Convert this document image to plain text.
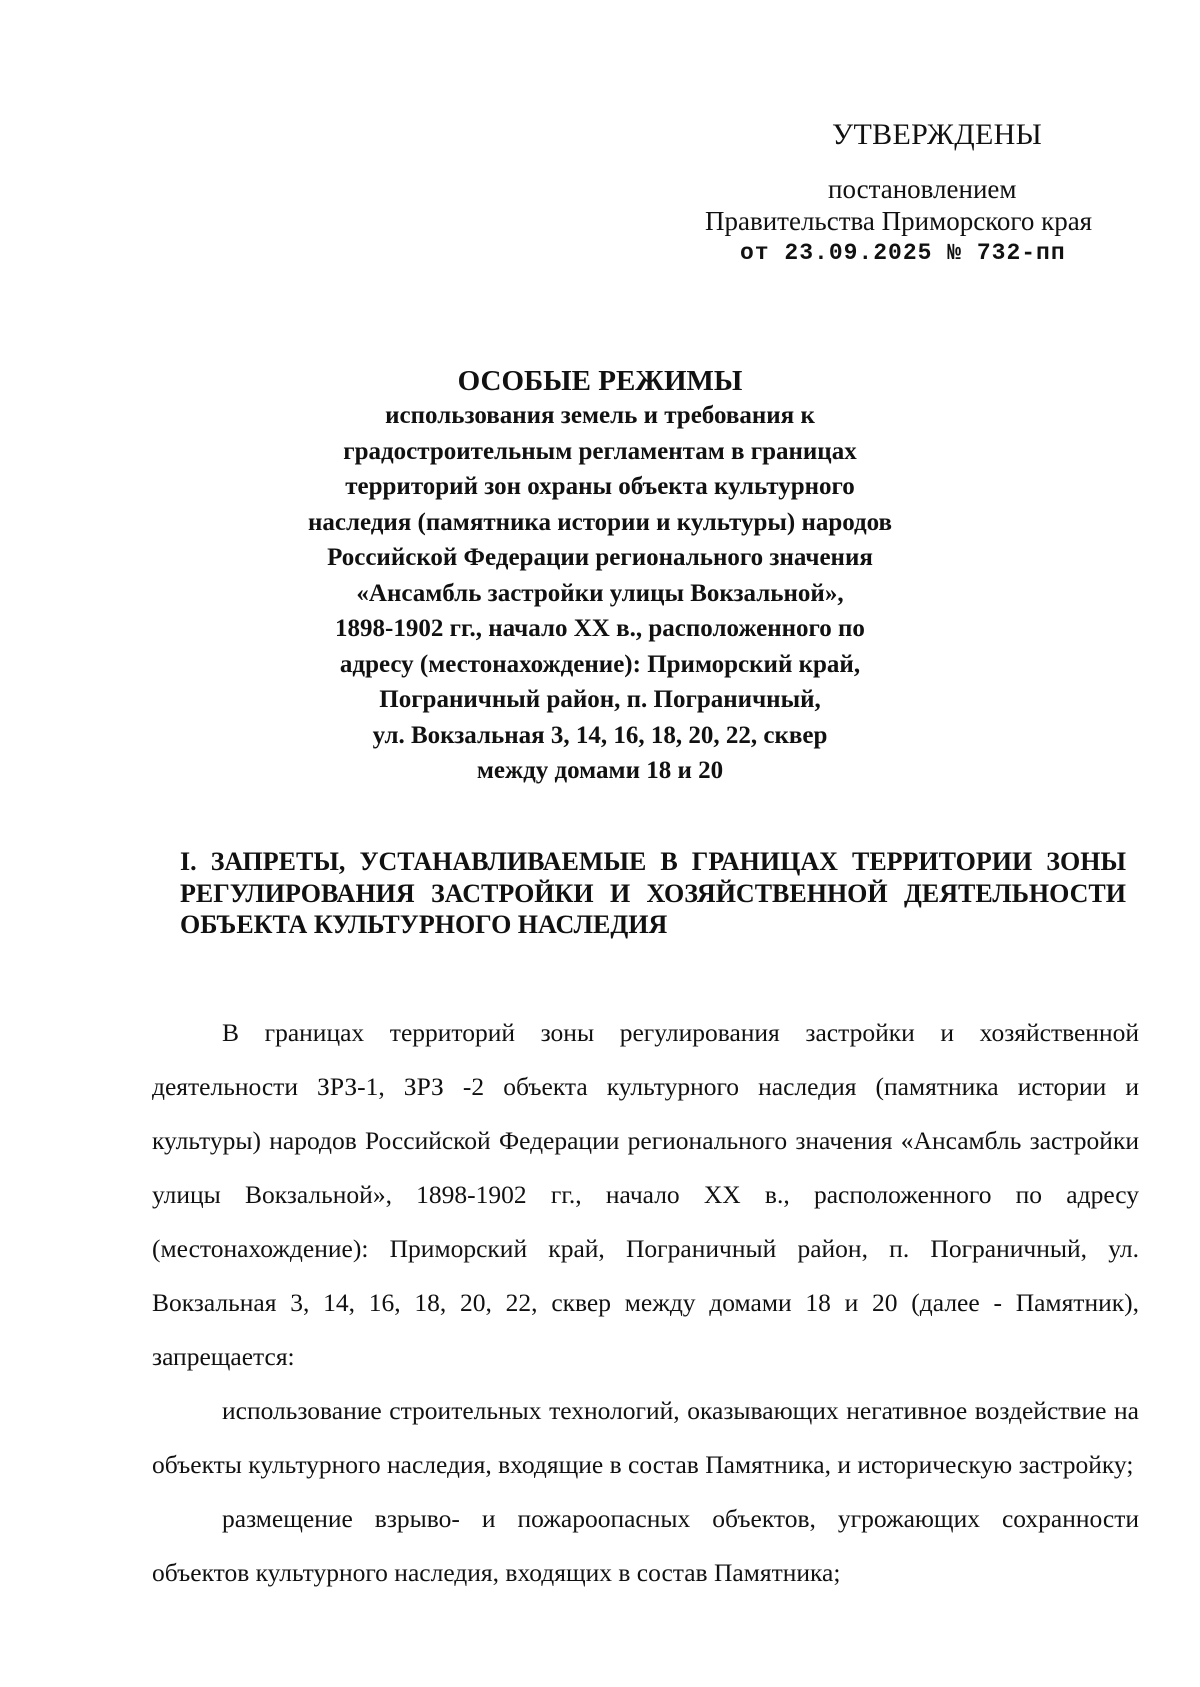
УТВЕРЖДЕНЫ
постановлением
Правительства Приморского края
от 23.09.2025 № 732-пп
ОСОБЫЕ РЕЖИМЫ
использования земель и требования к
градостроительным регламентам в границах
территорий зон охраны объекта культурного
наследия (памятника истории и культуры) народов
Российской Федерации регионального значения
«Ансамбль застройки улицы Вокзальной»,
1898-1902 гг., начало XX в., расположенного по
адресу (местонахождение): Приморский край,
Пограничный район, п. Пограничный,
ул. Вокзальная 3, 14, 16, 18, 20, 22, сквер
между домами 18 и 20
I. ЗАПРЕТЫ, УСТАНАВЛИВАЕМЫЕ В ГРАНИЦАХ ТЕРРИТОРИИ ЗОНЫ РЕГУЛИРОВАНИЯ ЗАСТРОЙКИ И ХОЗЯЙСТВЕННОЙ ДЕЯТЕЛЬНОСТИ ОБЪЕКТА КУЛЬТУРНОГО НАСЛЕДИЯ

В границах территорий зоны регулирования застройки и хозяйственной деятельности ЗРЗ-1, ЗРЗ -2 объекта культурного наследия (памятника истории и культуры) народов Российской Федерации регионального значения «Ансамбль застройки улицы Вокзальной», 1898-1902 гг., начало XX в., расположенного по адресу (местонахождение): Приморский край, Пограничный район, п. Пограничный, ул. Вокзальная 3, 14, 16, 18, 20, 22, сквер между домами 18 и 20 (далее - Памятник), запрещается:

использование строительных технологий, оказывающих негативное воздействие на объекты культурного наследия, входящие в состав Памятника, и историческую застройку;

размещение взрыво- и пожароопасных объектов, угрожающих сохранности объектов культурного наследия, входящих в состав Памятника;
